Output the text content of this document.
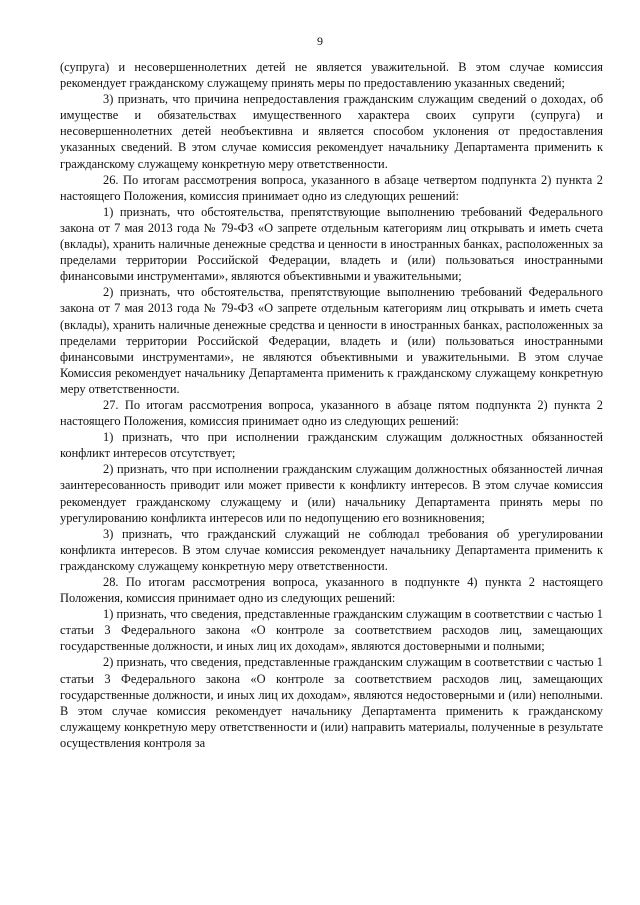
9

(супруга) и несовершеннолетних детей не является уважительной. В этом случае комиссия рекомендует гражданскому служащему принять меры по предоставлению указанных сведений;

3) признать, что причина непредоставления гражданским служащим сведений о доходах, об имуществе и обязательствах имущественного характера своих супруги (супруга) и несовершеннолетних детей необъективна и является способом уклонения от предоставления указанных сведений. В этом случае комиссия рекомендует начальнику Департамента применить к гражданскому служащему конкретную меру ответственности.

26. По итогам рассмотрения вопроса, указанного в абзаце четвертом подпункта 2) пункта 2 настоящего Положения, комиссия принимает одно из следующих решений:

1) признать, что обстоятельства, препятствующие выполнению требований Федерального закона от 7 мая 2013 года № 79-ФЗ «О запрете отдельным категориям лиц открывать и иметь счета (вклады), хранить наличные денежные средства и ценности в иностранных банках, расположенных за пределами территории Российской Федерации, владеть и (или) пользоваться иностранными финансовыми инструментами», являются объективными и уважительными;

2) признать, что обстоятельства, препятствующие выполнению требований Федерального закона от 7 мая 2013 года № 79-ФЗ «О запрете отдельным категориям лиц открывать и иметь счета (вклады), хранить наличные денежные средства и ценности в иностранных банках, расположенных за пределами территории Российской Федерации, владеть и (или) пользоваться иностранными финансовыми инструментами», не являются объективными и уважительными. В этом случае Комиссия рекомендует начальнику Департамента применить к гражданскому служащему конкретную меру ответственности.

27. По итогам рассмотрения вопроса, указанного в абзаце пятом подпункта 2) пункта 2 настоящего Положения, комиссия принимает одно из следующих решений:

1) признать, что при исполнении гражданским служащим должностных обязанностей конфликт интересов отсутствует;

2) признать, что при исполнении гражданским служащим должностных обязанностей личная заинтересованность приводит или может привести к конфликту интересов. В этом случае комиссия рекомендует гражданскому служащему и (или) начальнику Департамента принять меры по урегулированию конфликта интересов или по недопущению его возникновения;

3) признать, что гражданский служащий не соблюдал требования об урегулировании конфликта интересов. В этом случае комиссия рекомендует начальнику Департамента применить к гражданскому служащему конкретную меру ответственности.

28. По итогам рассмотрения вопроса, указанного в подпункте 4) пункта 2 настоящего Положения, комиссия принимает одно из следующих решений:

1) признать, что сведения, представленные гражданским служащим в соответствии с частью 1 статьи 3 Федерального закона «О контроле за соответствием расходов лиц, замещающих государственные должности, и иных лиц их доходам», являются достоверными и полными;

2) признать, что сведения, представленные гражданским служащим в соответствии с частью 1 статьи 3 Федерального закона «О контроле за соответствием расходов лиц, замещающих государственные должности, и иных лиц их доходам», являются недостоверными и (или) неполными. В этом случае комиссия рекомендует начальнику Департамента применить к гражданскому служащему конкретную меру ответственности и (или) направить материалы, полученные в результате осуществления контроля за
